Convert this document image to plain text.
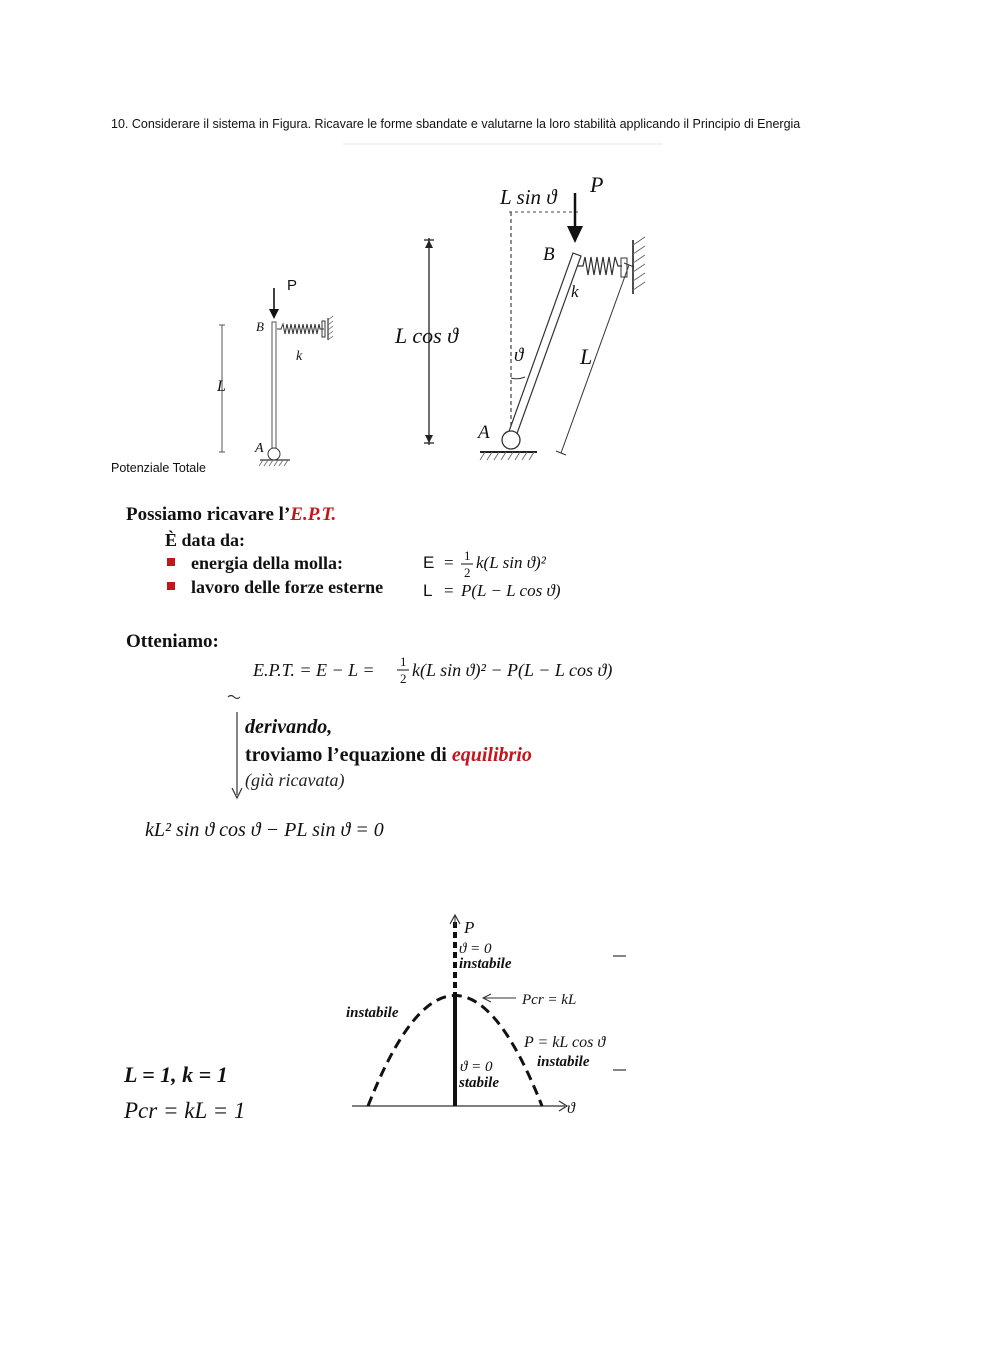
10. Considerare il sistema in Figura. Ricavare le forme sbandate e valutarne la loro stabilità applicando il Principio di Energia
L
P
B
k
A
L cos ϑ
L sin ϑ P
B
k
L
ϑ
A
Potenziale Totale
Possiamo ricavare l’E.P.T.
È data da:
energia della molla:
lavoro delle forze esterne
E = 1
2
k(L sin ϑ)²
L = P(L − L cos ϑ)
E.P.T. = E − L = 1
2 k(L sin ϑ)² − P(L − L cos ϑ)
kL² sin ϑ cos ϑ − PL sin ϑ = 0
Otteniamo:
derivando,
troviamo l’equazione di equilibrio
(già ricavata)
L = 1, k = 1
Pcr = kL = 1	ϑ
P
ϑ = 0
instabile
instabile
Pcr = kL
P = kL cos ϑ
instabile
ϑ = 0
stabile
